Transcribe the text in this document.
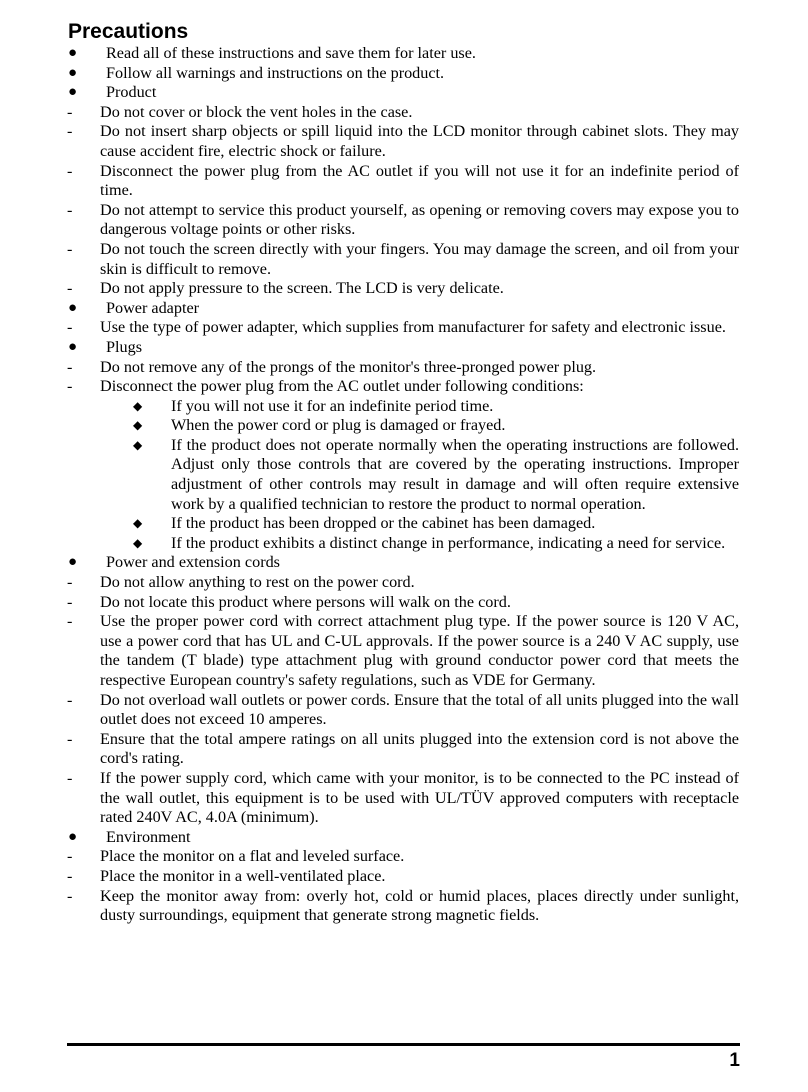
Precautions
● Read all of these instructions and save them for later use.
● Follow all warnings and instructions on the product.
● Product
- Do not cover or block the vent holes in the case.
- Do not insert sharp objects or spill liquid into the LCD monitor through cabinet slots. They may cause accident fire, electric shock or failure.
- Disconnect the power plug from the AC outlet if you will not use it for an indefinite period of time.
- Do not attempt to service this product yourself, as opening or removing covers may expose you to dangerous voltage points or other risks.
- Do not touch the screen directly with your fingers. You may damage the screen, and oil from your skin is difficult to remove.
- Do not apply pressure to the screen. The LCD is very delicate.
● Power adapter
- Use the type of power adapter, which supplies from manufacturer for safety and electronic issue.
● Plugs
- Do not remove any of the prongs of the monitor's three-pronged power plug.
- Disconnect the power plug from the AC outlet under following conditions:
◆ If you will not use it for an indefinite period time.
◆ When the power cord or plug is damaged or frayed.
◆ If the product does not operate normally when the operating instructions are followed. Adjust only those controls that are covered by the operating instructions. Improper adjustment of other controls may result in damage and will often require extensive work by a qualified technician to restore the product to normal operation.
◆ If the product has been dropped or the cabinet has been damaged.
◆ If the product exhibits a distinct change in performance, indicating a need for service.
● Power and extension cords
- Do not allow anything to rest on the power cord.
- Do not locate this product where persons will walk on the cord.
- Use the proper power cord with correct attachment plug type. If the power source is 120 V AC, use a power cord that has UL and C-UL approvals. If the power source is a 240 V AC supply, use the tandem (T blade) type attachment plug with ground conductor power cord that meets the respective European country's safety regulations, such as VDE for Germany.
- Do not overload wall outlets or power cords. Ensure that the total of all units plugged into the wall outlet does not exceed 10 amperes.
- Ensure that the total ampere ratings on all units plugged into the extension cord is not above the cord's rating.
- If the power supply cord, which came with your monitor, is to be connected to the PC instead of the wall outlet, this equipment is to be used with UL/TÜV approved computers with receptacle rated 240V AC, 4.0A (minimum).
● Environment
- Place the monitor on a flat and leveled surface.
- Place the monitor in a well-ventilated place.
- Keep the monitor away from: overly hot, cold or humid places, places directly under sunlight, dusty surroundings, equipment that generate strong magnetic fields.
1
